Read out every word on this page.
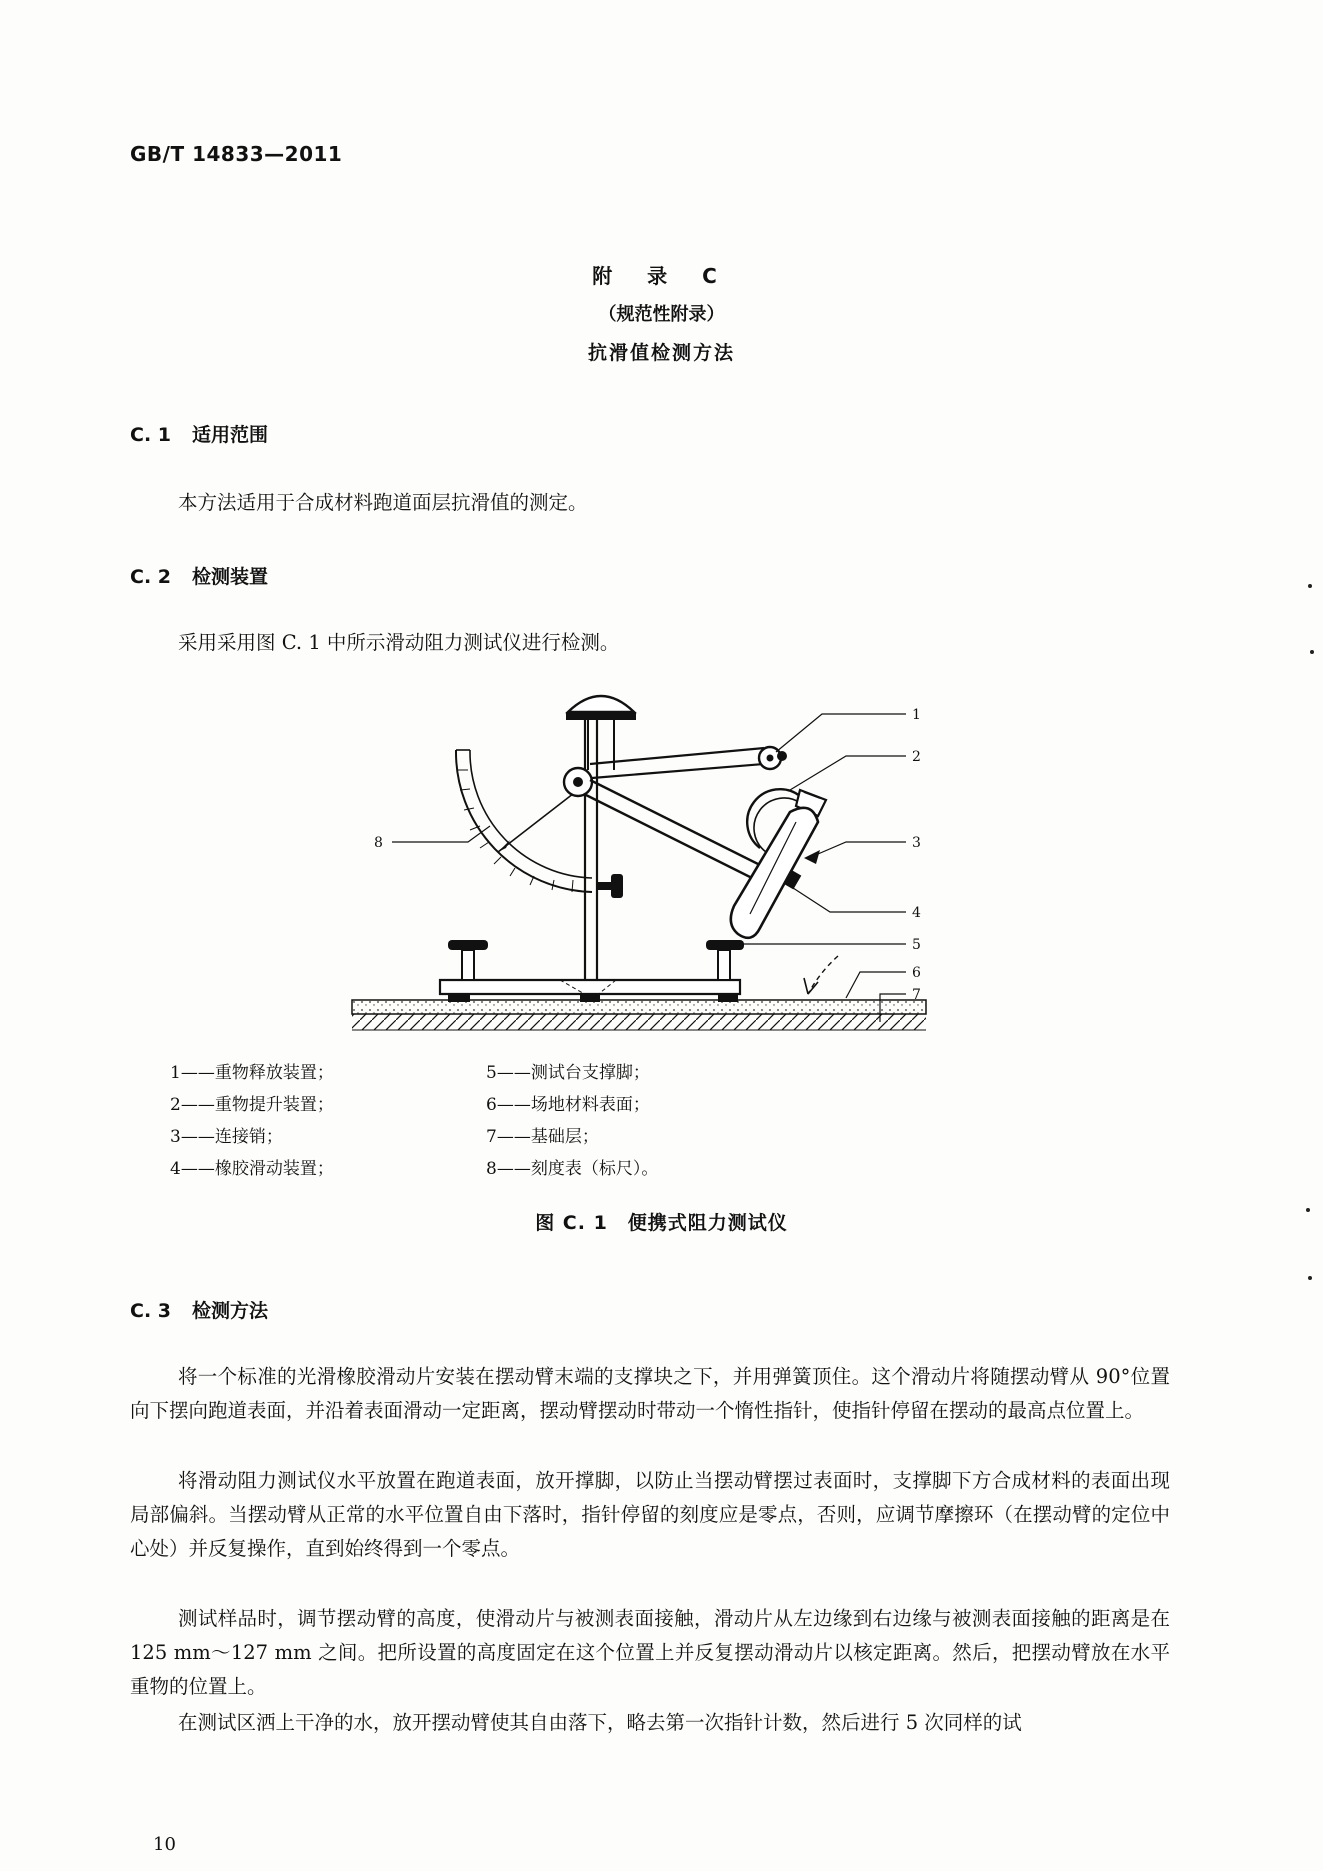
GB/T 14833—2011
附 录 C
（规范性附录）
抗滑值检测方法
C. 1 适用范围
本方法适用于合成材料跑道面层抗滑值的测定。
C. 2 检测装置
采用采用图 C. 1 中所示滑动阻力测试仪进行检测。
1
2
3
4
5
6
7
8
1——重物释放装置；
2——重物提升装置；
3——连接销；
4——橡胶滑动装置；
5——测试台支撑脚；
6——场地材料表面；
7——基础层；
8——刻度表（标尺）。
图 C. 1　便携式阻力测试仪
C. 3 检测方法
将一个标准的光滑橡胶滑动片安装在摆动臂末端的支撑块之下，并用弹簧顶住。这个滑动片将随摆动臂从 90°位置向下摆向跑道表面，并沿着表面滑动一定距离，摆动臂摆动时带动一个惰性指针，使指针停留在摆动的最高点位置上。
将滑动阻力测试仪水平放置在跑道表面，放开撑脚，以防止当摆动臂摆过表面时，支撑脚下方合成材料的表面出现局部偏斜。当摆动臂从正常的水平位置自由下落时，指针停留的刻度应是零点，否则，应调节摩擦环（在摆动臂的定位中心处）并反复操作，直到始终得到一个零点。
测试样品时，调节摆动臂的高度，使滑动片与被测表面接触，滑动片从左边缘到右边缘与被测表面接触的距离是在 125 mm～127 mm 之间。把所设置的高度固定在这个位置上并反复摆动滑动片以核定距离。然后，把摆动臂放在水平重物的位置上。
在测试区洒上干净的水，放开摆动臂使其自由落下，略去第一次指针计数，然后进行 5 次同样的试
10
